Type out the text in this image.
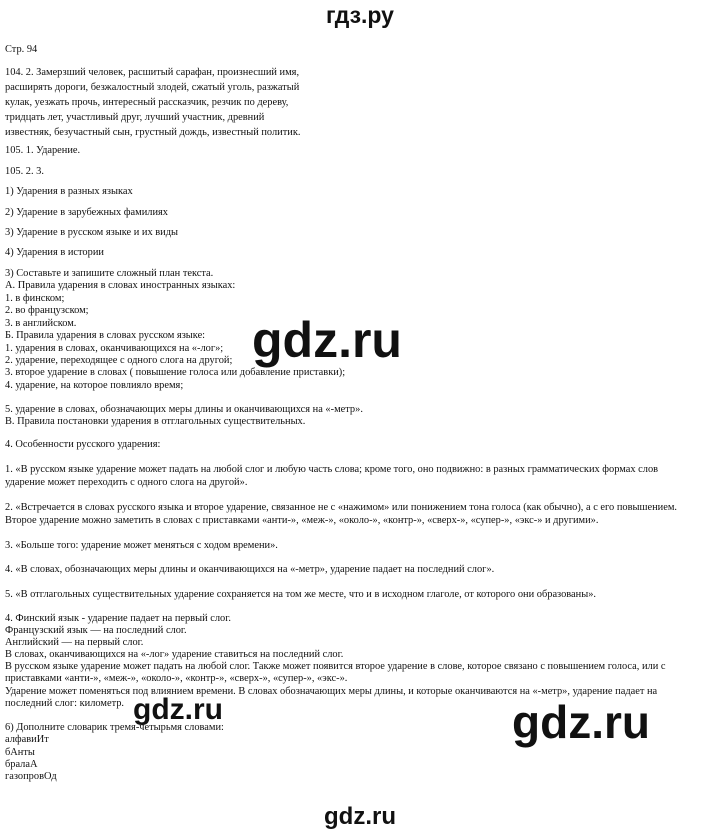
гдз.ру
Стр. 94
104. 2. Замерзший человек, расшитый сарафан, произнесший имя,
расширять дороги, безжалостный злодей, сжатый уголь, разжатый
кулак, уезжать прочь, интересный рассказчик, резчик по дереву,
тридцать лет, участливый друг, лучший участник, древний
известняк, безучастный сын, грустный дождь, известный политик.
105. 1. Ударение.
105. 2. 3.
1) Ударения в разных языках
2) Ударение в зарубежных фамилиях
3) Ударение в русском языке и их виды
4) Ударения в истории
3) Составьте и запишите сложный план текста.
А. Правила ударения в словах иностранных языках:
1. в финском;
2. во французском;
3. в английском.
Б. Правила ударения в словах русском языке:
1. ударения в словах, оканчивающихся на «-лог»;
2. ударение, переходящее с одного слога на другой;
3. второе ударение в словах ( повышение голоса или добавление приставки);
4. ударение, на которое повлияло время;
5. ударение в словах, обозначающих меры длины и оканчивающихся на «-метр».
В. Правила постановки ударения в отглагольных существительных.
4. Особенности русского ударения:
1. «В русском языке ударение может падать на любой слог и любую часть слова; кроме того, оно подвижно: в разных грамматических формах слов
ударение может переходить с одного слога на другой».
2. «Встречается в словах русского языка и второе ударение, связанное не с «нажимом» или понижением тона голоса (как обычно), а с его повышением.
Второе ударение можно заметить в словах с приставками «анти-», «меж-», «около-», «контр-», «сверх-», «супер-», «экс-» и другими».
3. «Больше того: ударение может меняться с ходом времени».
4. «В словах, обозначающих меры длины и оканчивающихся на «-метр», ударение падает на последний слог».
5. «В отглагольных существительных ударение сохраняется на том же месте, что и в исходном глаголе, от которого они образованы».
4. Финский язык - ударение падает на первый слог.
Французский язык — на последний слог.
Английский — на первый слог.
В словах, оканчивающихся на «-лог» ударение ставиться на последний слог.
В русском языке ударение может падать на любой слог. Также может появится второе ударение в слове, которое связано с повышением голоса, или с
приставками «анти-», «меж-», «около-», «контр-», «сверх-», «супер-», «экс-».
Ударение может поменяться под влиянием времени. В словах обозначающих меры длины, и которые оканчиваются на «-метр», ударение падает на
последний слог: километр.
6) Дополните словарик тремя-четырьмя словами:
алфавиИт
бАнты
бралаА
газопровОд
gdz.ru
gdz.ru	gdz.ru
gdz.ru
